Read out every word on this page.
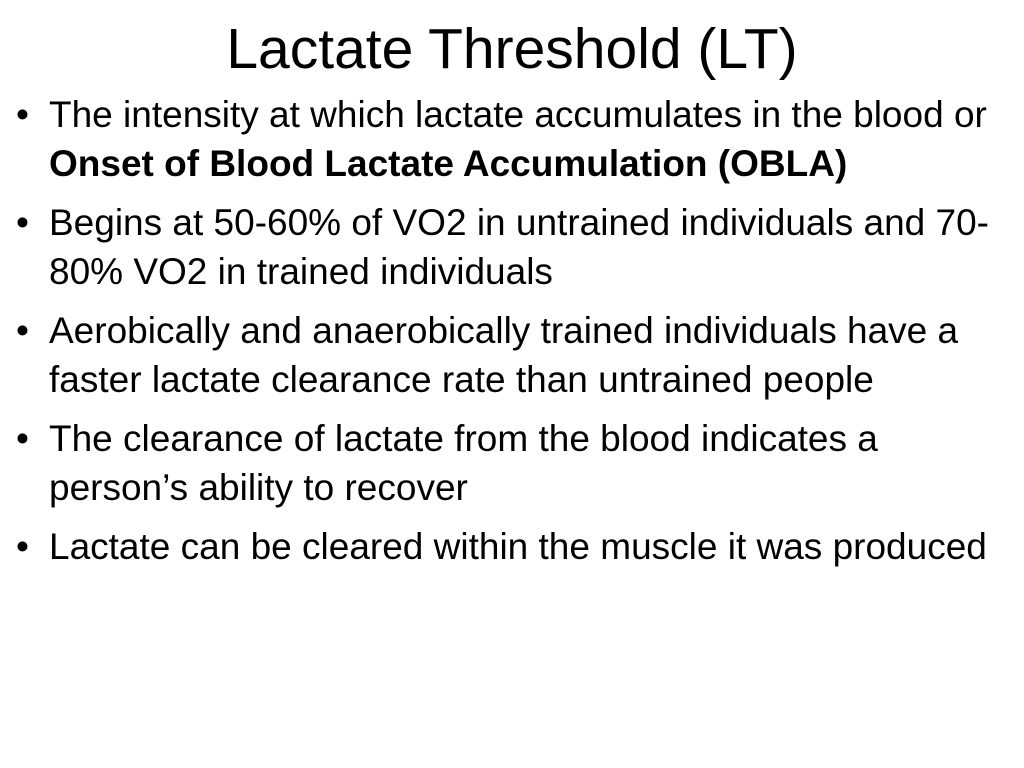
Lactate Threshold (LT)
• The intensity at which lactate accumulates in the blood or Onset of Blood Lactate Accumulation (OBLA)
• Begins at 50-60% of VO2 in untrained individuals and 70-80% VO2 in trained individuals
• Aerobically and anaerobically trained individuals have a faster lactate clearance rate than untrained people
• The clearance of lactate from the blood indicates a person’s ability to recover
• Lactate can be cleared within the muscle it was produced
